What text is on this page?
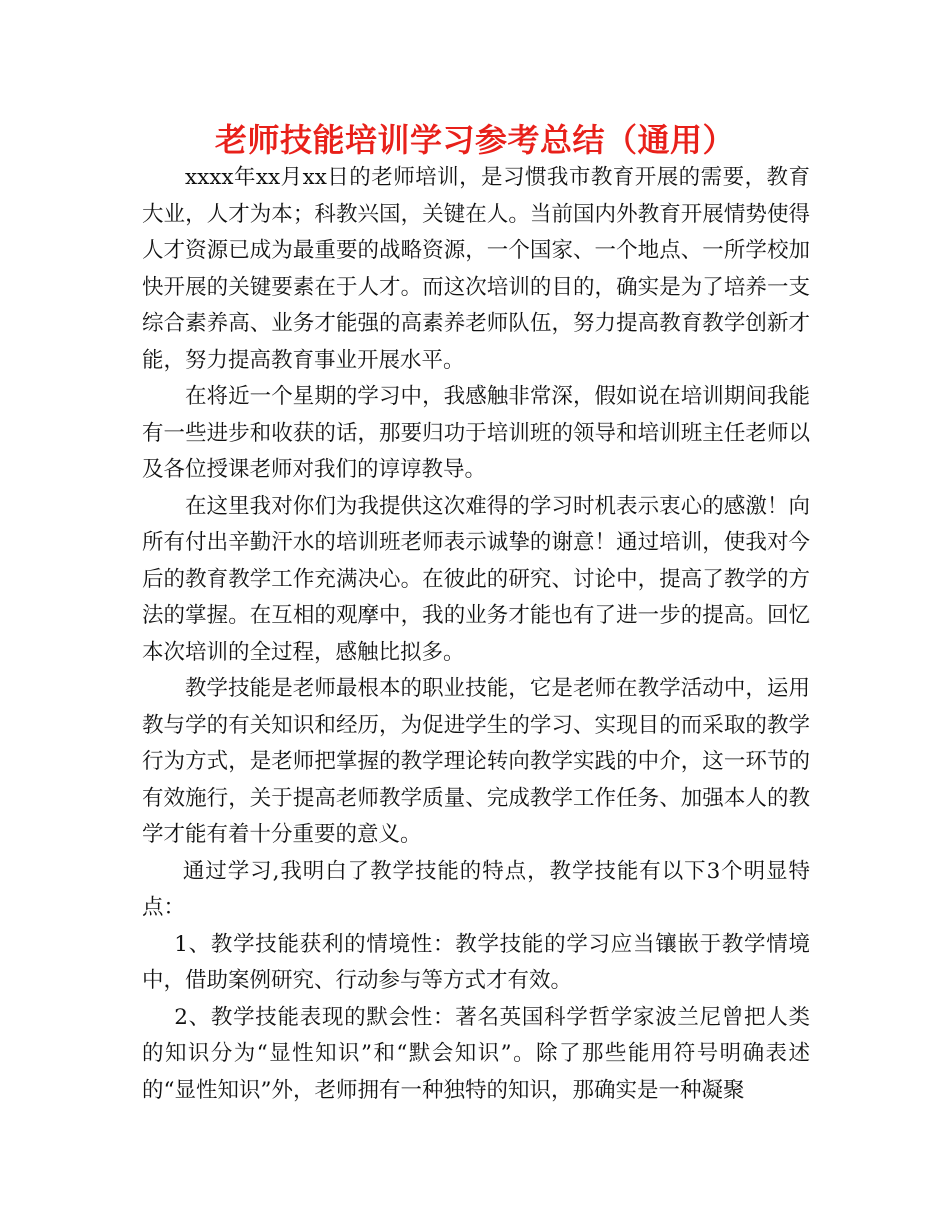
老师技能培训学习参考总结（通用）

xxxx年xx月xx日的老师培训，是习惯我市教育开展的需要，教育大业，人才为本；科教兴国，关键在人。当前国内外教育开展情势使得人才资源已成为最重要的战略资源，一个国家、一个地点、一所学校加快开展的关键要素在于人才。而这次培训的目的，确实是为了培养一支综合素养高、业务才能强的高素养老师队伍，努力提高教育教学创新才能，努力提高教育事业开展水平。

在将近一个星期的学习中，我感触非常深，假如说在培训期间我能有一些进步和收获的话，那要归功于培训班的领导和培训班主任老师以及各位授课老师对我们的谆谆教导。

在这里我对你们为我提供这次难得的学习时机表示衷心的感激！向所有付出辛勤汗水的培训班老师表示诚挚的谢意！通过培训，使我对今后的教育教学工作充满决心。在彼此的研究、讨论中，提高了教学的方法的掌握。在互相的观摩中，我的业务才能也有了进一步的提高。回忆本次培训的全过程，感触比拟多。

教学技能是老师最根本的职业技能，它是老师在教学活动中，运用教与学的有关知识和经历，为促进学生的学习、实现目的而采取的教学行为方式，是老师把掌握的教学理论转向教学实践的中介，这一环节的有效施行，关于提高老师教学质量、完成教学工作任务、加强本人的教学才能有着十分重要的意义。

通过学习,我明白了教学技能的特点，教学技能有以下3个明显特点：

1、教学技能获利的情境性：教学技能的学习应当镶嵌于教学情境中，借助案例研究、行动参与等方式才有效。

2、教学技能表现的默会性：著名英国科学哲学家波兰尼曾把人类的知识分为“显性知识”和“默会知识”。除了那些能用符号明确表述的“显性知识”外，老师拥有一种独特的知识，那确实是一种凝聚
